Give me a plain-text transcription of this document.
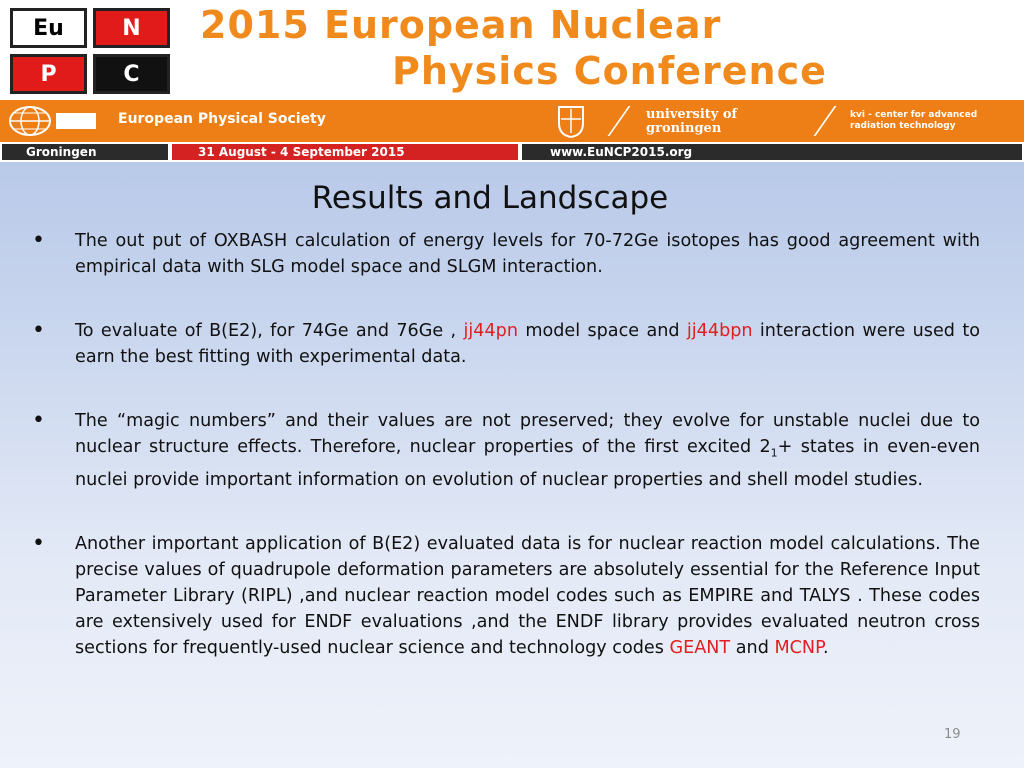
Eu	N
P	C
2015 European Nuclear
Physics Conference
European Physical Society	university of
groningen
kvi - center for advanced
radiation technology
Groningen	31 August - 4 September 2015	www.EuNCP2015.org
Results and Landscape
• The out put of OXBASH calculation of energy levels for 70-72Ge isotopes has good agreement with empirical data with SLG model space and SLGM interaction.
• To evaluate of B(E2), for 74Ge and 76Ge , jj44pn model space and jj44bpn interaction were used to earn the best fitting with experimental data.
• The “magic numbers” and their values are not preserved; they evolve for unstable nuclei due to nuclear structure effects. Therefore, nuclear properties of the first excited $2_1+$ states in even-even nuclei provide important information on evolution of nuclear properties and shell model studies.
• Another important application of B(E2) evaluated data is for nuclear reaction model calculations. The precise values of quadrupole deformation parameters are absolutely essential for the Reference Input Parameter Library (RIPL) ,and nuclear reaction model codes such as EMPIRE and TALYS . These codes are extensively used for ENDF evaluations ,and the ENDF library provides evaluated neutron cross sections for frequently-used nuclear science and technology codes GEANT and MCNP.
19
